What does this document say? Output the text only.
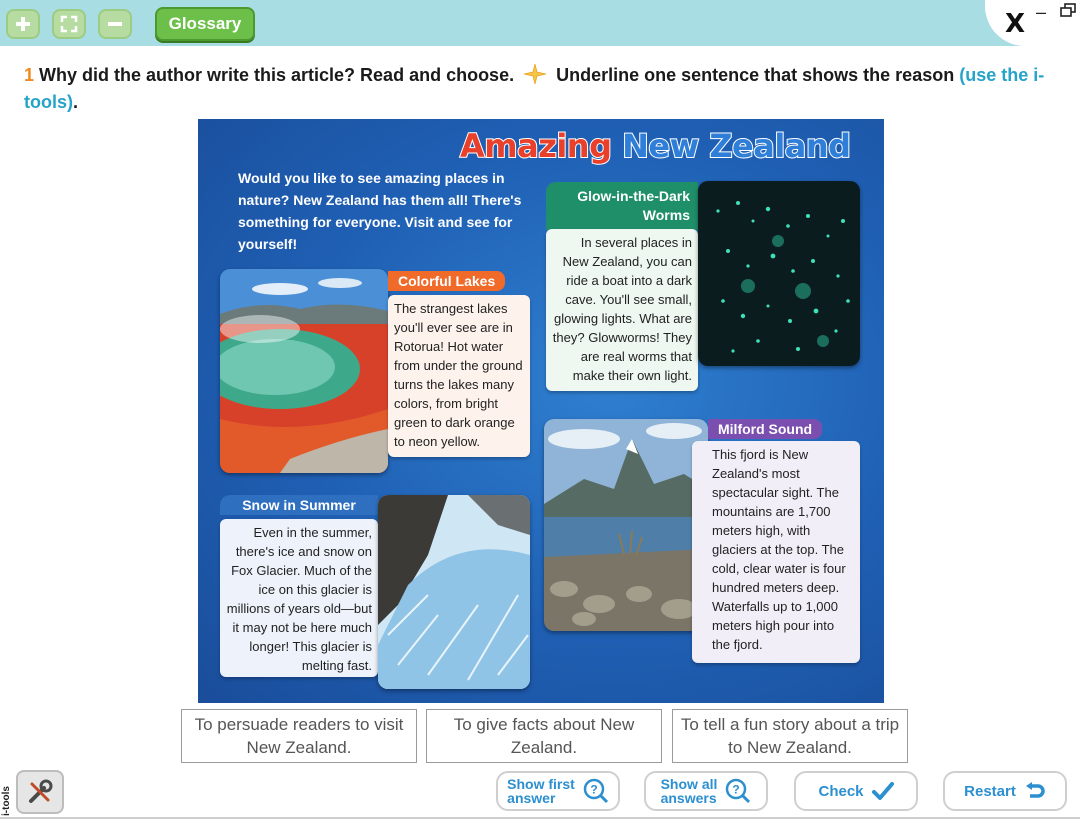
Glossary	X –
1 Why did the author write this article? Read and choose.  Underline one sentence that shows the reason (use the i-tools).
Amazing New Zealand
Would you like to see amazing places in nature? New Zealand has them all! There's something for everyone. Visit and see for yourself!
Colorful Lakes
The strangest lakes you'll ever see are in Rotorua! Hot water from under the ground turns the lakes many colors, from bright green to dark orange to neon yellow.
Glow-in-the-Dark Worms
In several places in New Zealand, you can ride a boat into a dark cave. You'll see small, glowing lights. What are they? Glowworms! They are real worms that make their own light.
Snow in Summer
Even in the summer, there's ice and snow on Fox Glacier. Much of the ice on this glacier is millions of years old—but it may not be here much longer! This glacier is melting fast.
Milford Sound
This fjord is New Zealand's most spectacular sight. The mountains are 1,700 meters high, with glaciers at the top. The cold, clear water is four hundred meters deep. Waterfalls up to 1,000 meters high pour into the fjord.
To persuade readers to visit New Zealand.
To give facts about New Zealand.
To tell a fun story about a trip to New Zealand.
i-tools
Show first
answer
?	Show all
answers
?	Check	Restart
